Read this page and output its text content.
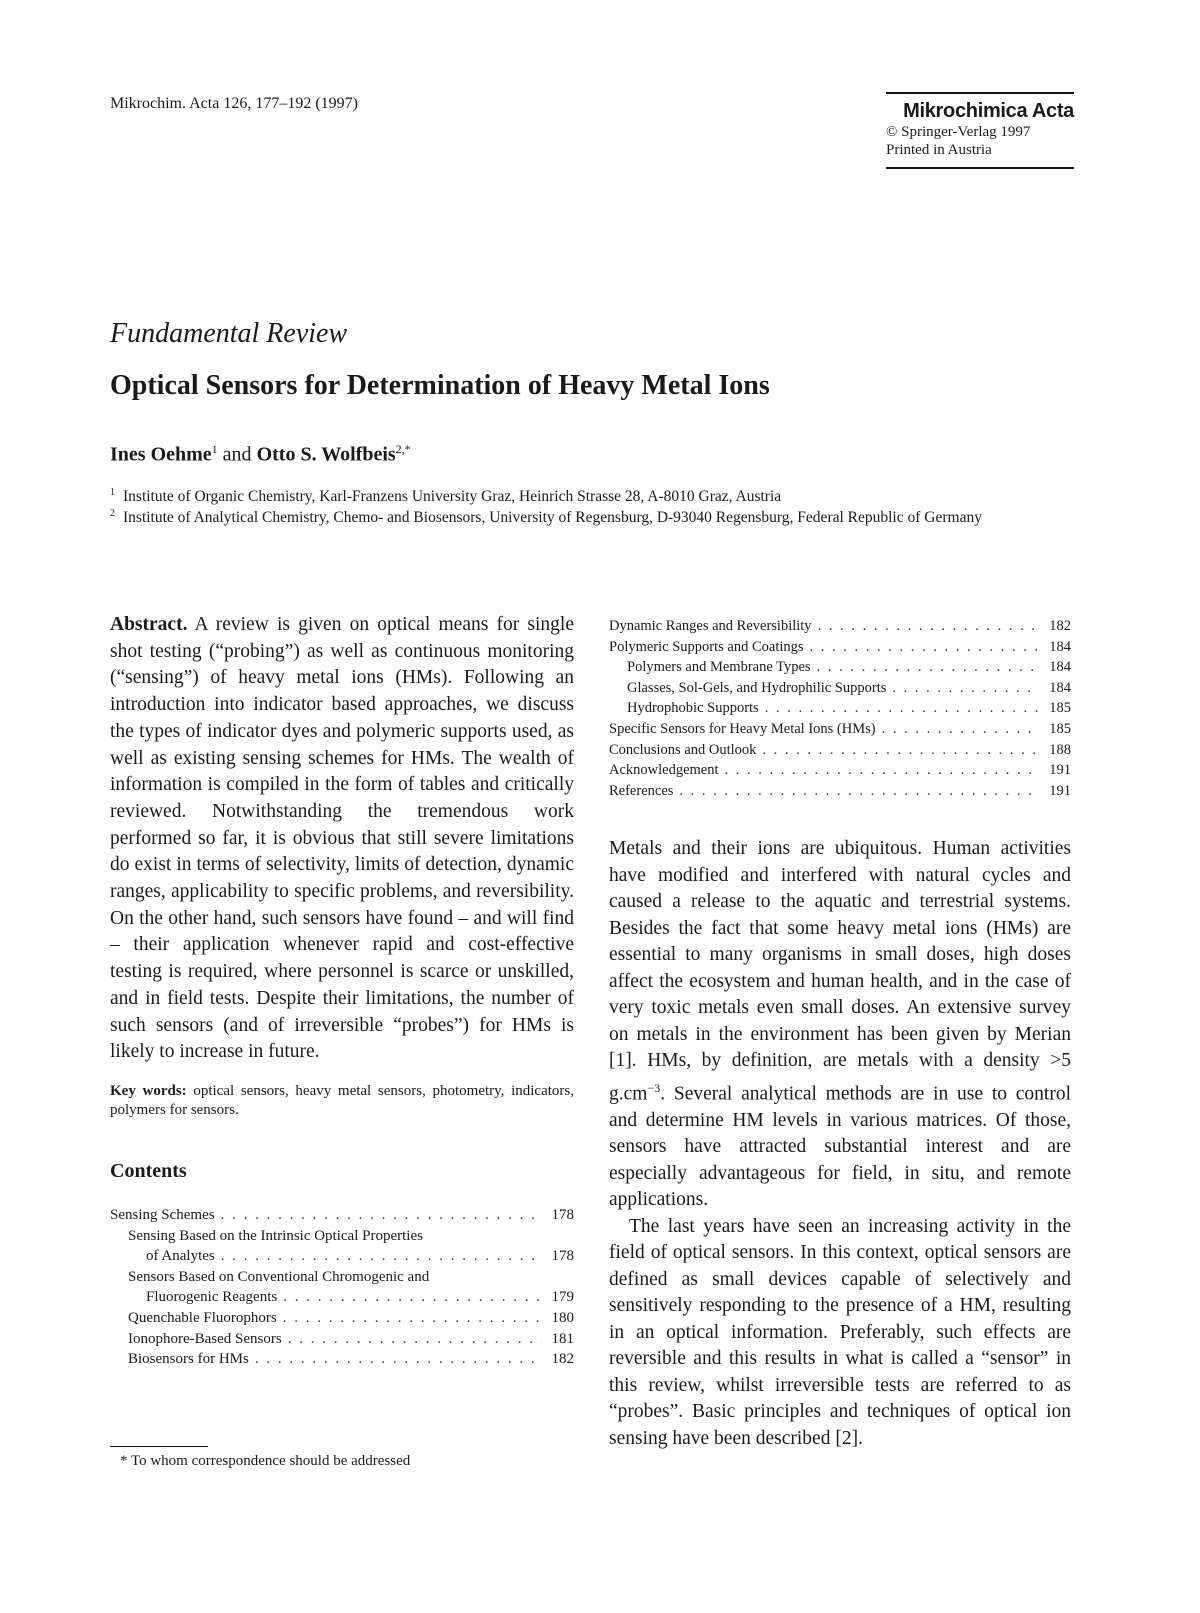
Mikrochim. Acta 126, 177–192 (1997)	Mikrochimica Acta
© Springer-Verlag 1997
Printed in Austria
Fundamental Review
Optical Sensors for Determination of Heavy Metal Ions
Ines Oehme$^1$ and Otto S. Wolfbeis$^{2,*}$
$^1$ Institute of Organic Chemistry, Karl-Franzens University Graz, Heinrich Strasse 28, A-8010 Graz, Austria
$^2$ Institute of Analytical Chemistry, Chemo- and Biosensors, University of Regensburg, D-93040 Regensburg, Federal Republic of Germany

Abstract. A review is given on optical means for single shot testing (“probing”) as well as continuous monitoring (“sensing”) of heavy metal ions (HMs). Following an introduction into indicator based approaches, we discuss the types of indicator dyes and polymeric supports used, as well as existing sensing schemes for HMs. The wealth of information is compiled in the form of tables and critically reviewed. Notwithstanding the tremendous work performed so far, it is obvious that still severe limitations do exist in terms of selectivity, limits of detection, dynamic ranges, applicability to specific problems, and reversibility. On the other hand, such sensors have found – and will find – their application whenever rapid and cost-effective testing is required, where personnel is scarce or unskilled, and in field tests. Despite their limitations, the number of such sensors (and of irreversible “probes”) for HMs is likely to increase in future.

Key words: optical sensors, heavy metal sensors, photometry, indicators, polymers for sensors.
Contents
Sensing Schemes . . .	178
Sensing Based on the Intrinsic Optical Properties
of Analytes . . .	178
Sensors Based on Conventional Chromogenic and
Fluorogenic Reagents . . .	179
Quenchable Fluorophors . . .	180
Ionophore-Based Sensors . . .	181
Biosensors for HMs . . .	182
* To whom correspondence should be addressed
Dynamic Ranges and Reversibility . . .	182
Polymeric Supports and Coatings . . .	184
Polymers and Membrane Types . . .	184
Glasses, Sol-Gels, and Hydrophilic Supports . . .	184
Hydrophobic Supports . . .	185
Specific Sensors for Heavy Metal Ions (HMs) . . .	185
Conclusions and Outlook . . .	188
Acknowledgement . . .	191
References . . .	191

Metals and their ions are ubiquitous. Human activities have modified and interfered with natural cycles and caused a release to the aquatic and terrestrial systems. Besides the fact that some heavy metal ions (HMs) are essential to many organisms in small doses, high doses affect the ecosystem and human health, and in the case of very toxic metals even small doses. An extensive survey on metals in the environment has been given by Merian [1]. HMs, by definition, are metals with a density >5 $g.cm^{-3}$. Several analytical methods are in use to control and determine HM levels in various matrices. Of those, sensors have attracted substantial interest and are especially advantageous for field, in situ, and remote applications.

The last years have seen an increasing activity in the field of optical sensors. In this context, optical sensors are defined as small devices capable of selectively and sensitively responding to the presence of a HM, resulting in an optical information. Preferably, such effects are reversible and this results in what is called a “sensor” in this review, whilst irreversible tests are referred to as “probes”. Basic principles and techniques of optical ion sensing have been described [2].
